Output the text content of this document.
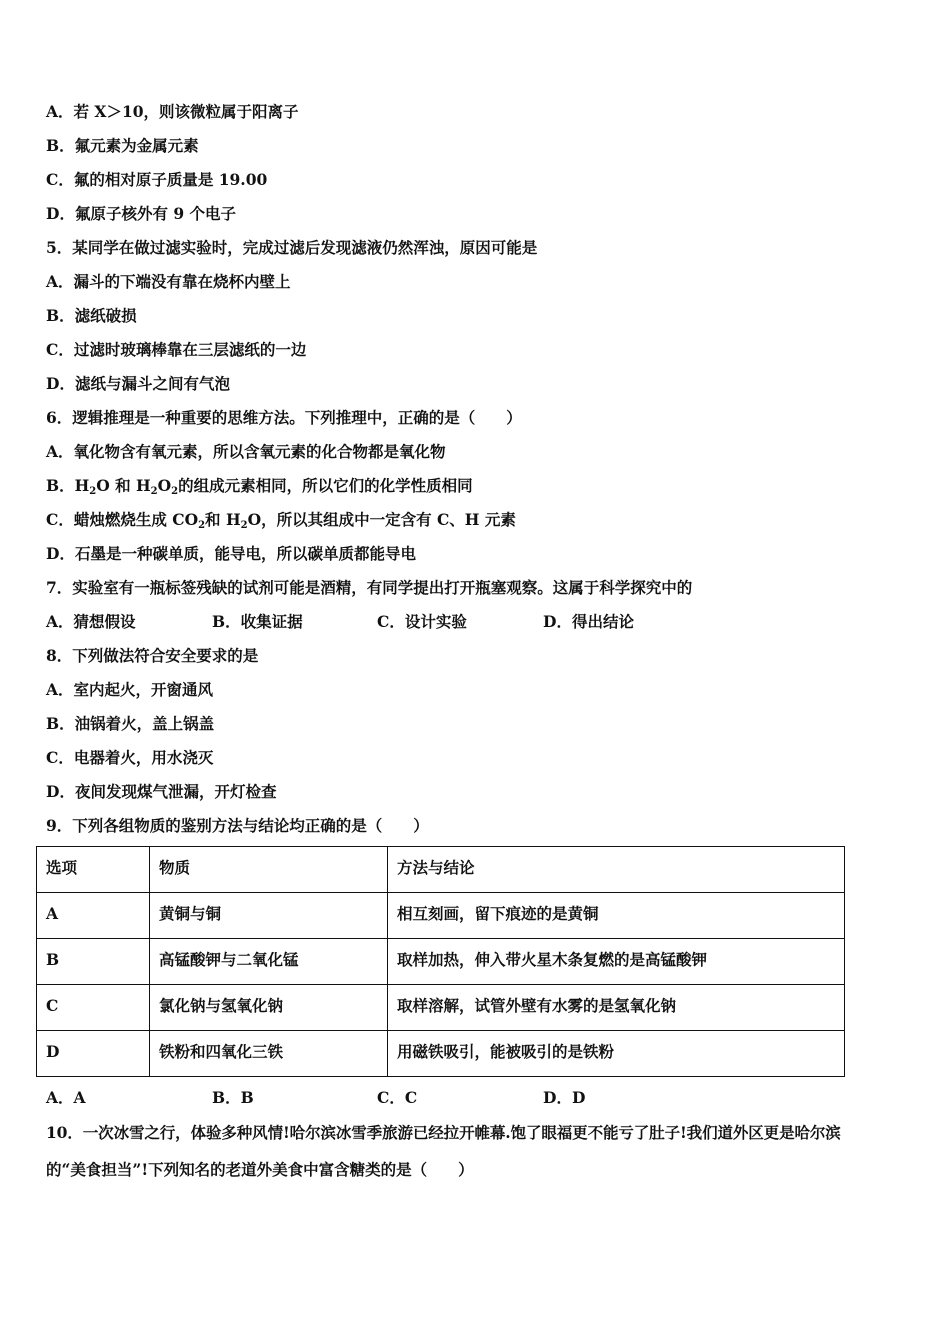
A．若 X＞10，则该微粒属于阳离子
B．氟元素为金属元素
C．氟的相对原子质量是 19.00
D．氟原子核外有 9 个电子
5．某同学在做过滤实验时，完成过滤后发现滤液仍然浑浊，原因可能是
A．漏斗的下端没有靠在烧杯内壁上
B．滤纸破损
C．过滤时玻璃棒靠在三层滤纸的一边
D．滤纸与漏斗之间有气泡
6．逻辑推理是一种重要的思维方法。下列推理中，正确的是（　　）
A．氧化物含有氧元素，所以含氧元素的化合物都是氧化物
B．$H_2O$ 和 $H_2O_2$的组成元素相同，所以它们的化学性质相同
C．蜡烛燃烧生成 $CO_2$和 $H_2O$，所以其组成中一定含有 C、H 元素
D．石墨是一种碳单质，能导电，所以碳单质都能导电
7．实验室有一瓶标签残缺的试剂可能是酒精，有同学提出打开瓶塞观察。这属于科学探究中的
A．猜想假设	B．收集证据	C．设计实验	D．得出结论
8．下列做法符合安全要求的是
A．室内起火，开窗通风
B．油锅着火，盖上锅盖
C．电器着火，用水浇灭
D．夜间发现煤气泄漏，开灯检查
9．下列各组物质的鉴别方法与结论均正确的是（　　）
选项	物质	方法与结论
A	黄铜与铜	相互刻画，留下痕迹的是黄铜
B	高锰酸钾与二氧化锰	取样加热，伸入带火星木条复燃的是高锰酸钾
C	氯化钠与氢氧化钠	取样溶解，试管外壁有水雾的是氢氧化钠
D	铁粉和四氧化三铁	用磁铁吸引，能被吸引的是铁粉
A．A	B．B	C．C	D．D
10．一次冰雪之行，体验多种风情!哈尔滨冰雪季旅游已经拉开帷幕.饱了眼福更不能亏了肚子!我们道外区更是哈尔滨
的“美食担当”!下列知名的老道外美食中富含糖类的是（　　）
